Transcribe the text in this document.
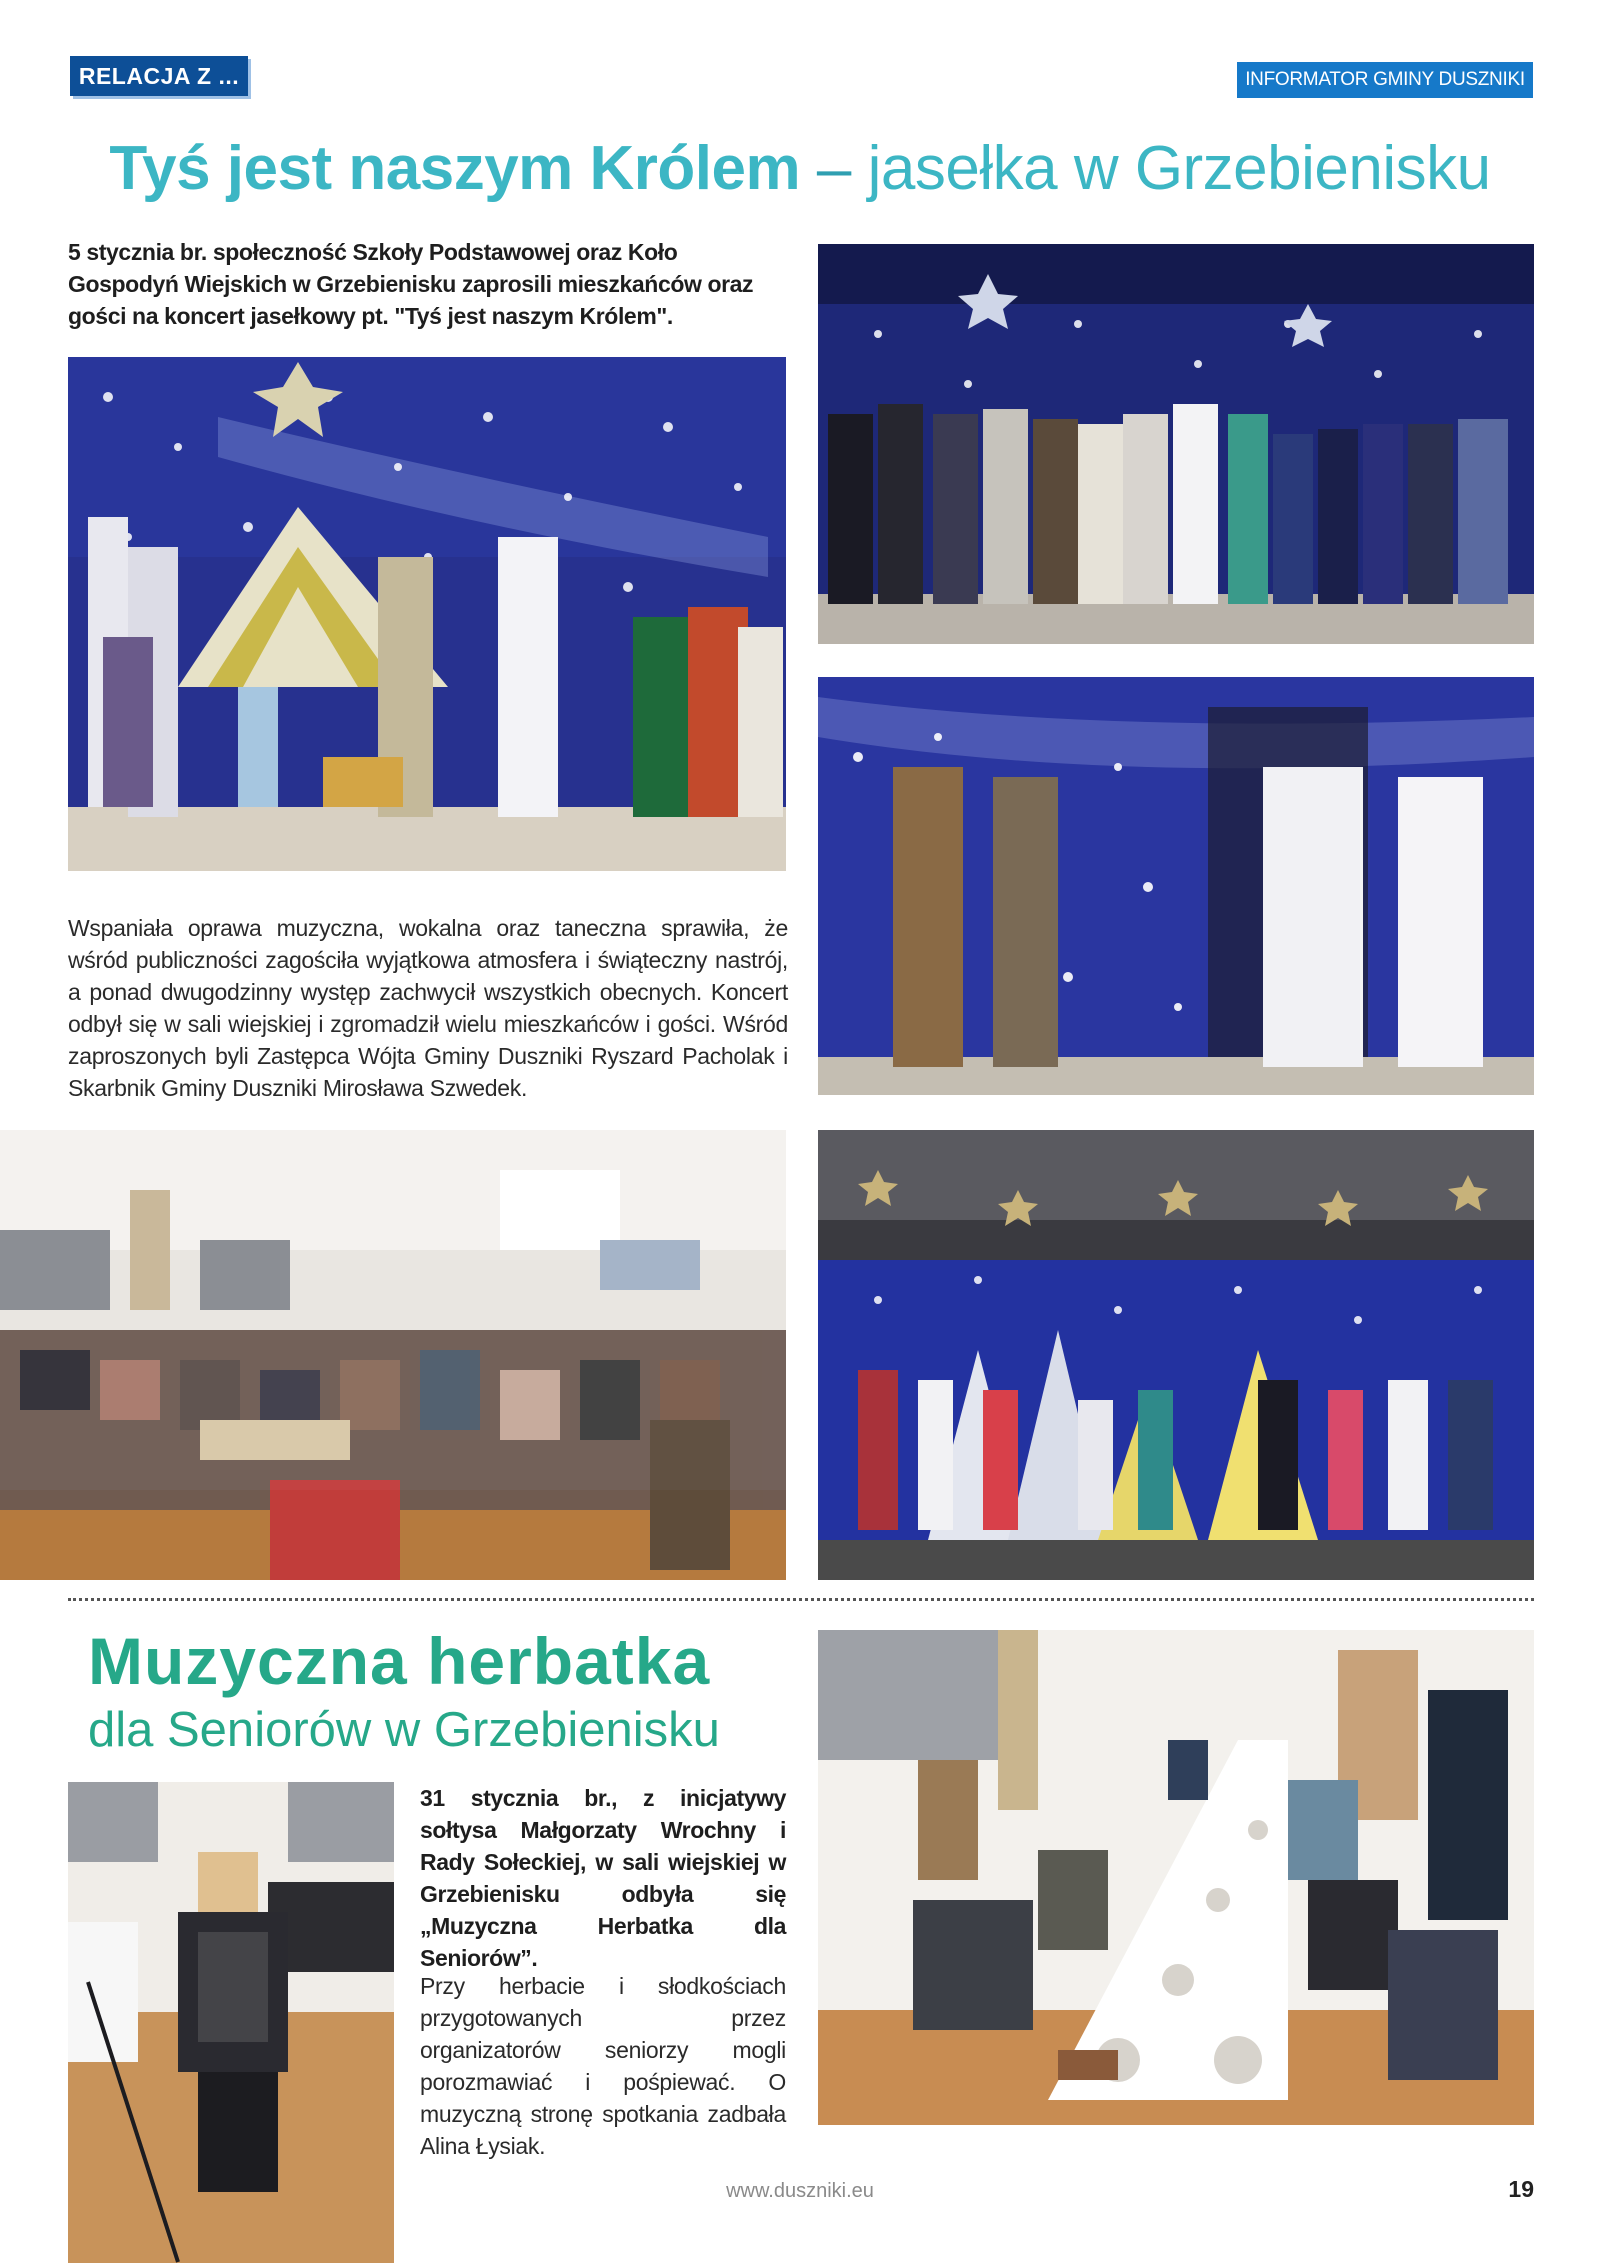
RELACJA Z ...	INFORMATOR GMINY DUSZNIKI
Tyś jest naszym Królem – jasełka w Grzebienisku
5 stycznia br. społeczność Szkoły Podstawowej oraz Koło Gospodyń Wiejskich w Grzebienisku zaprosili mieszkańców oraz gości na koncert jasełkowy pt. "Tyś jest naszym Królem".
Wspaniała oprawa muzyczna, wokalna oraz taneczna sprawiła, że wśród publiczności zagościła wyjątkowa atmosfera i świąteczny nastrój, a ponad dwugodzinny występ zachwycił wszystkich obecnych. Koncert odbył się w sali wiejskiej i zgromadził wielu mieszkańców i gości. Wśród zaproszonych byli Zastępca Wójta Gminy Duszniki Ryszard Pacholak i Skarbnik Gminy Duszniki Mirosława Szwedek.
Muzyczna herbatka
dla Seniorów w Grzebienisku
31 stycznia br., z inicjatywy sołtysa Małgorzaty Wrochny i Rady Sołeckiej, w sali wiejskiej w Grzebienisku odbyła się „Muzyczna Herbatka dla Seniorów”.
Przy herbacie i słodkościach przygotowanych przez organizatorów seniorzy mogli porozmawiać i pośpiewać. O muzyczną stronę spotkania zadbała Alina Łysiak.
www.duszniki.eu	19
